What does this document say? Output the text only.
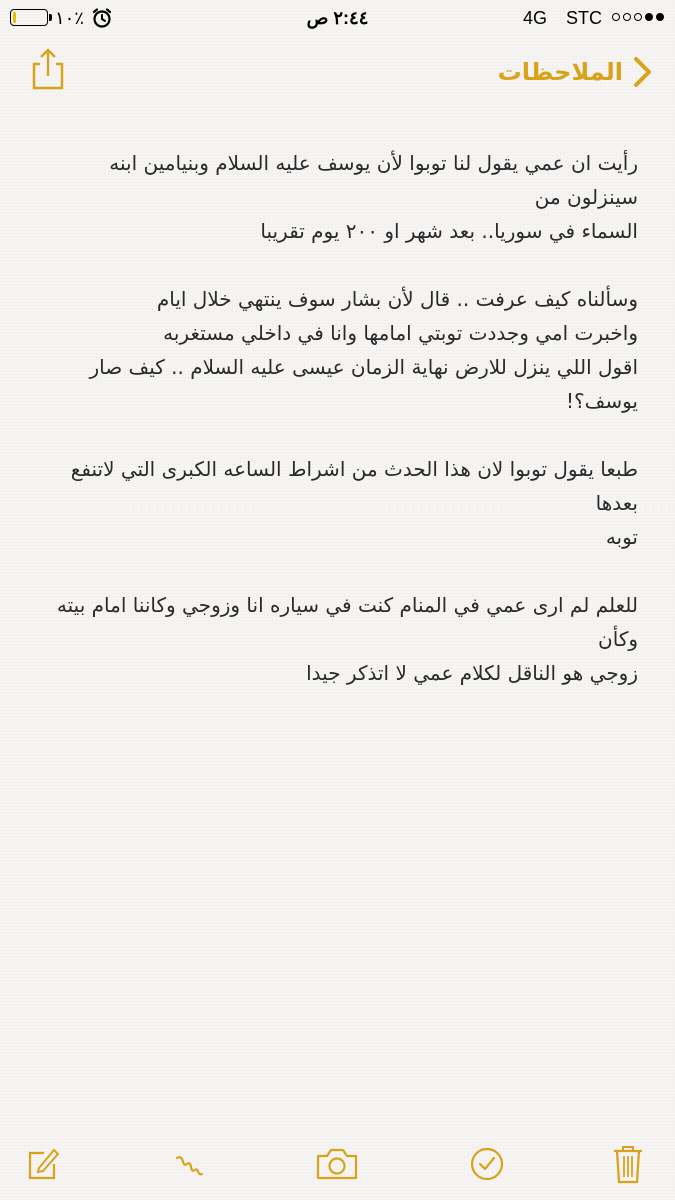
١٠٪	٢:٤٤ ص	4G STC
الملاحظات

رأيت ان عمي يقول لنا توبوا لأن يوسف عليه السلام وبنيامين ابنه سينزلون من

السماء في سوريا.. بعد شهر او ٢٠٠ يوم تقريبا

وسألناه كيف عرفت .. قال لأن بشار سوف ينتهي خلال ايام

واخبرت امي وجددت توبتي امامها وانا في داخلي مستغربه

اقول اللي ينزل للارض نهاية الزمان عيسى عليه السلام .. كيف صار يوسف؟!

طبعا يقول توبوا لان هذا الحدث من اشراط الساعه الكبرى التي لاتنفع بعدها

توبه

للعلم لم ارى عمي في المنام كنت في سياره انا وزوجي وكاننا امام بيته وكأن

زوجي هو الناقل لكلام عمي لا اتذكر جيدا
